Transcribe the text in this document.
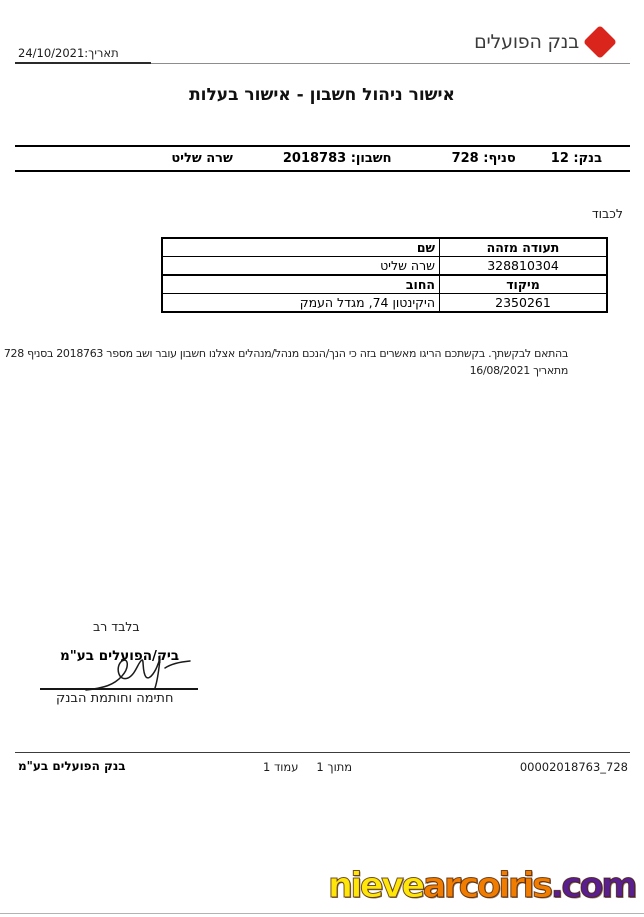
בנק הפועלים
תאריך:24/10/2021
אישור ניהול חשבון - אישור בעלות
בנק: 12
סניף: 728
חשבון: 2018783
שרה שליט
לכבוד
תעודה מזהה	שם
328810304	שרה שליט
מיקוד	החוב
2350261	היקינטון 74, מגדל העמק
בהתאם לבקשתך. בקשתכם הריגו מאשרים בזה כי הנך/הנכם מנהל/מנהלים אצלנו חשבון עובר ושב מספר 2018763 בסניף 728
מתאריך 16/08/2021
בלבד רב
ביק/הפועלים בע"מ
חתימה וחותמת הבנק
בנק הפועלים בע"מ	עמוד 1 מתוך 1	00002018763_728
nievearcoiris.com
